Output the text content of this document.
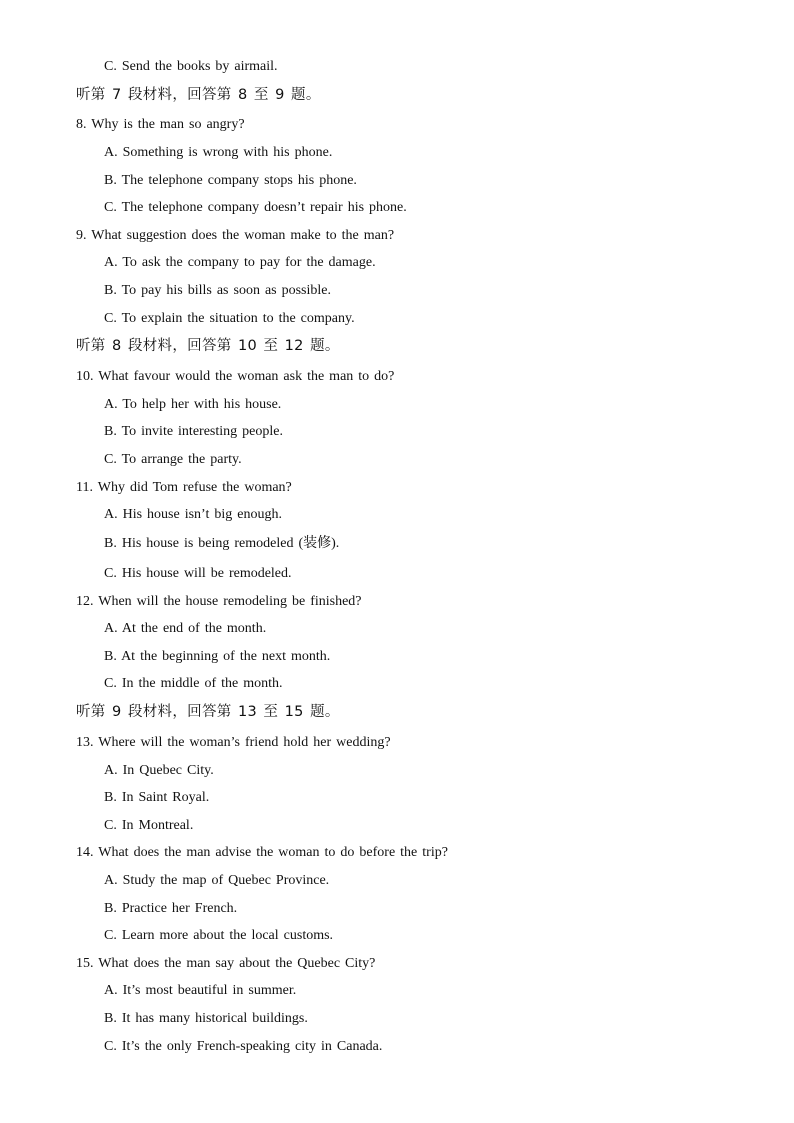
C. Send the books by airmail.
听第 7 段材料，回答第 8 至 9 题。
8. Why is the man so angry?
A. Something is wrong with his phone.
B. The telephone company stops his phone.
C. The telephone company doesn’t repair his phone.
9. What suggestion does the woman make to the man?
A. To ask the company to pay for the damage.
B. To pay his bills as soon as possible.
C. To explain the situation to the company.
听第 8 段材料，回答第 10 至 12 题。
10. What favour would the woman ask the man to do?
A. To help her with his house.
B. To invite interesting people.
C. To arrange the party.
11. Why did Tom refuse the woman?
A. His house isn’t big enough.
B. His house is being remodeled (装修).
C. His house will be remodeled.
12. When will the house remodeling be finished?
A. At the end of the month.
B. At the beginning of the next month.
C. In the middle of the month.
听第 9 段材料，回答第 13 至 15 题。
13. Where will the woman’s friend hold her wedding?
A. In Quebec City.
B. In Saint Royal.
C. In Montreal.
14. What does the man advise the woman to do before the trip?
A. Study the map of Quebec Province.
B. Practice her French.
C. Learn more about the local customs.
15. What does the man say about the Quebec City?
A. It’s most beautiful in summer.
B. It has many historical buildings.
C. It’s the only French-speaking city in Canada.
